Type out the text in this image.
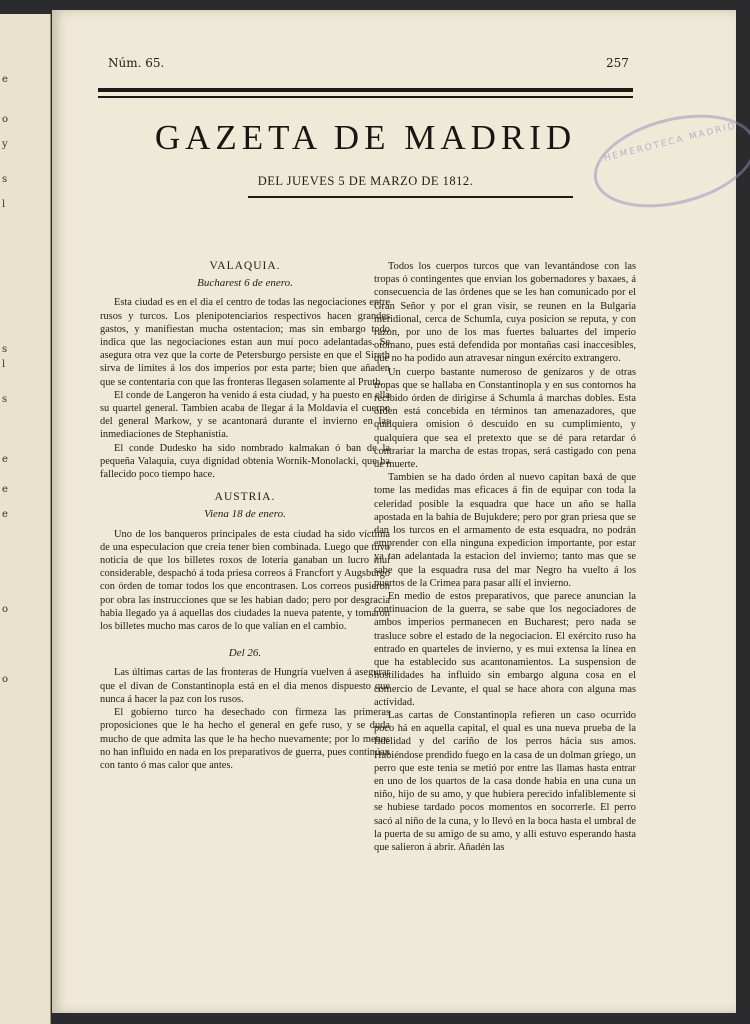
e
o
y
s
l
s
l
s
e
e
e
o
o
Núm. 65.	257
GAZETA DE MADRID
DEL JUEVES 5 DE MARZO DE 1812.
HEMEROTECA MADRID
VALAQUIA.
Bucharest 6 de enero.

Esta ciudad es en el dia el centro de todas las negociaciones entre rusos y turcos. Los plenipotenciarios respectivos hacen grandes gastos, y manifiestan mucha ostentacion; mas sin embargo todo indica que las negociaciones estan aun muí poco adelantadas. Se asegura otra vez que la corte de Petersburgo persiste en que el Sireth sirva de límites á los dos imperios por esta parte; bien que añaden que se contentaria con que las fronteras llegasen solamente al Pruth.

El conde de Langeron ha venido á esta ciudad, y ha puesto en ella su quartel general. Tambien acaba de llegar á la Moldavia el cuerpo del general Markow, y se acantonará durante el invierno en las inmediaciones de Stephanistia.

El conde Dudesko ha sido nombrado kalmakan ó ban de la pequeña Valaquia, cuya dignidad obtenia Wornik-Monolacki, que ha fallecido poco tiempo hace.

AUSTRIA.
Viena 18 de enero.

Uno de los banqueros principales de esta ciudad ha sido víctima de una especulacion que creia tener bien combinada. Luego que tuvo noticia de que los billetes roxos de lotería ganaban un lucro mui considerable, despachó á toda priesa correos á Francfort y Augsburgo con órden de tomar todos los que encontrasen. Los correos pusieron por obra las instrucciones que se les habian dado; pero por desgracia habia llegado ya á aquellas dos ciudades la nueva patente, y tomaron los billetes mucho mas caros de lo que valian en el cambio.

Del 26.

Las últimas cartas de las fronteras de Hungría vuelven á asegurar que el divan de Constantinopla está en el dia menos dispuesto que nunca á hacer la paz con los rusos.

El gobierno turco ha desechado con firmeza las primeras proposiciones que le ha hecho el general en gefe ruso, y se duda mucho de que admita las que le ha hecho nuevamente; por lo menos no han influido en nada en los preparativos de guerra, pues continúan con tanto ó mas calor que antes.

Todos los cuerpos turcos que van levantándose con las tropas ó contingentes que envian los gobernadores y baxaes, á consecuencia de las órdenes que se les han comunicado por el Gran Señor y por el gran visir, se reunen en la Bulgaria meridional, cerca de Schumla, cuya posicion se reputa, y con razon, por uno de los mas fuertes baluartes del imperio otomano, pues está defendida por montañas casi inaccesibles, que no ha podido aun atravesar ningun exército extrangero.

Un cuerpo bastante numeroso de genízaros y de otras tropas que se hallaba en Constantinopla y en sus contornos ha recibido órden de dirigirse á Schumla á marchas dobles. Esta órden está concebida en términos tan amenazadores, que qualquiera omision ó descuido en su cumplimiento, y qualquiera que sea el pretexto que se dé para retardar ó contrariar la marcha de estas tropas, será castigado con pena de muerte.

Tambien se ha dado órden al nuevo capitan baxá de que tome las medidas mas eficaces á fin de equipar con toda la celeridad posible la esquadra que hace un año se halla apostada en la bahía de Bujukdere; pero por gran priesa que se dan los turcos en el armamento de esta esquadra, no podrán emprender con ella ninguna expedicion importante, por estar ya tan adelantada la estacion del invierno; tanto mas que se sabe que la esquadra rusa del mar Negro ha vuelto á los puertos de la Crimea para pasar allí el invierno.

En medio de estos preparativos, que parece anuncian la continuacion de la guerra, se sabe que los negociadores de ambos imperios permanecen en Bucharest; pero nada se trasluce sobre el estado de la negociacion. El exército ruso ha entrado en quarteles de invierno, y es mui extensa la línea en que ha establecido sus acantonamientos. La suspension de hostilidades ha influido sin embargo alguna cosa en el comercio de Levante, el qual se hace ahora con alguna mas actividad.

Las cartas de Constantinopla refieren un caso ocurrido poco há en aquella capital, el qual es una nueva prueba de la fidelidad y del cariño de los perros hácia sus amos. Habiéndose prendido fuego en la casa de un dolman griego, un perro que este tenia se metió por entre las llamas hasta entrar en uno de los quartos de la casa donde habia en una cuna un niño, hijo de su amo, y que hubiera perecido infaliblemente si se hubiese tardado pocos momentos en socorrerle. El perro sacó al niño de la cuna, y lo llevó en la boca hasta el umbral de la puerta de su amigo de su amo, y allí estuvo esperando hasta que salieron á abrir. Añadén las
